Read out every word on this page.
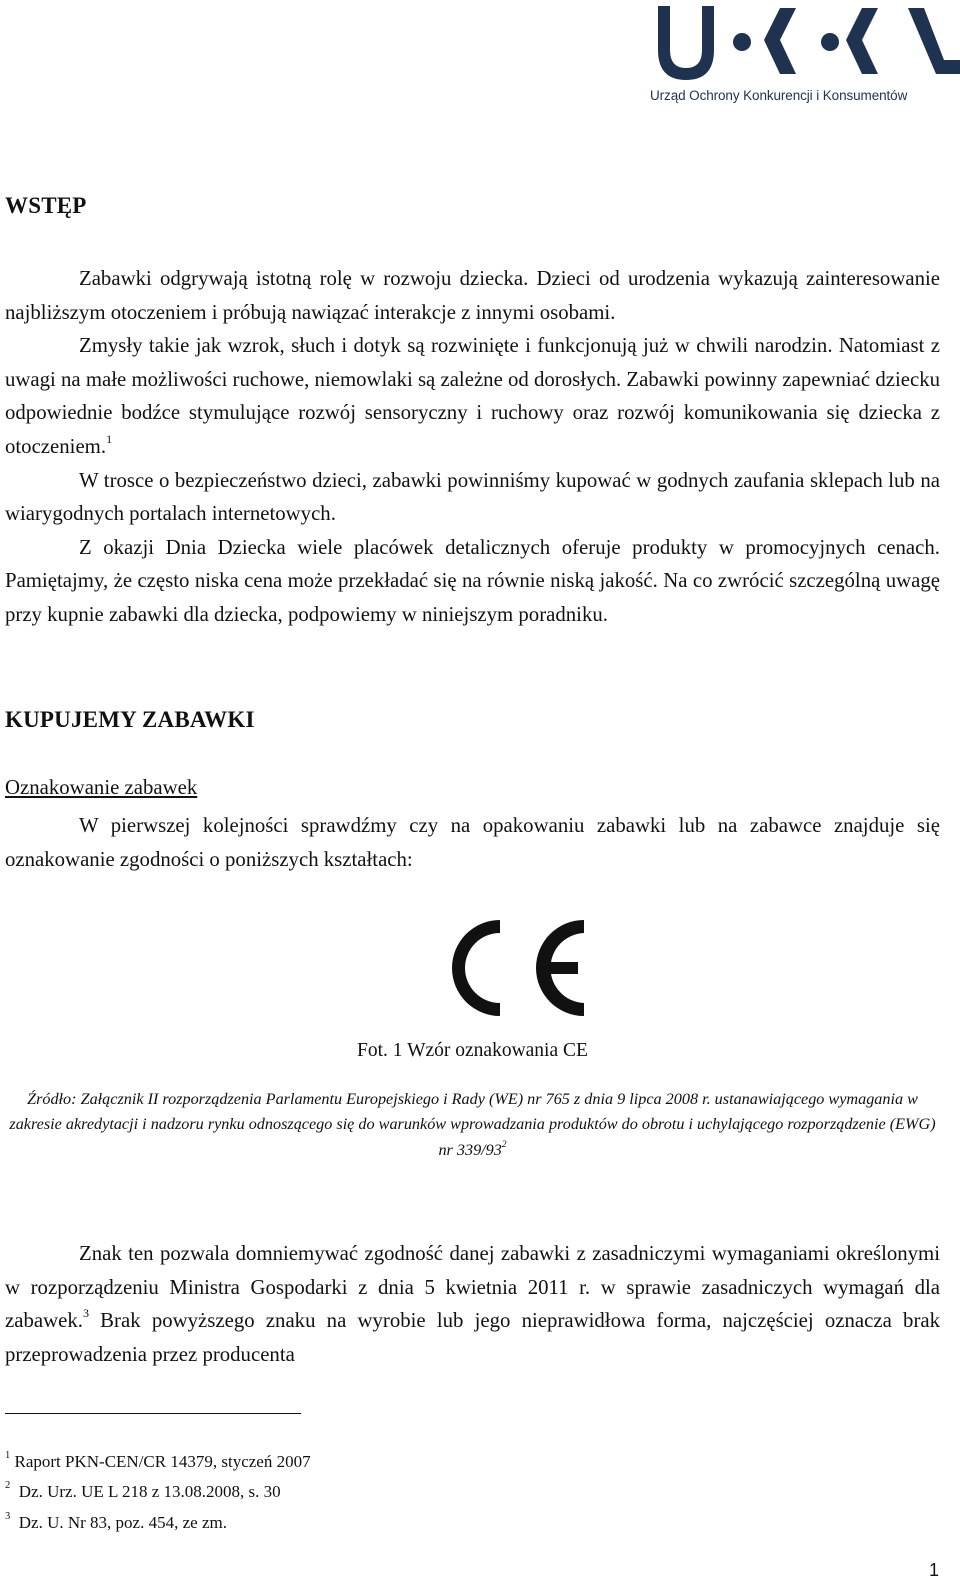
Urząd Ochrony Konkurencji i Konsumentów
WSTĘP

Zabawki odgrywają istotną rolę w rozwoju dziecka. Dzieci od urodzenia wykazują zainteresowanie najbliższym otoczeniem i próbują nawiązać interakcje z innymi osobami.

Zmysły takie jak wzrok, słuch i dotyk są rozwinięte i funkcjonują już w chwili narodzin. Natomiast z uwagi na małe możliwości ruchowe, niemowlaki są zależne od dorosłych. Zabawki powinny zapewniać dziecku odpowiednie bodźce stymulujące rozwój sensoryczny i ruchowy oraz rozwój komunikowania się dziecka z otoczeniem.$^1$

W trosce o bezpieczeństwo dzieci, zabawki powinniśmy kupować w godnych zaufania sklepach lub na wiarygodnych portalach internetowych.

Z okazji Dnia Dziecka wiele placówek detalicznych oferuje produkty w promocyjnych cenach. Pamiętajmy, że często niska cena może przekładać się na równie niską jakość. Na co zwrócić szczególną uwagę przy kupnie zabawki dla dziecka, podpowiemy w niniejszym poradniku.

KUPUJEMY ZABAWKI
Oznakowanie zabawek

W pierwszej kolejności sprawdźmy czy na opakowaniu zabawki lub na zabawce znajduje się oznakowanie zgodności o poniższych kształtach:

Fot. 1 Wzór oznakowania CE
Źródło: Załącznik II rozporządzenia Parlamentu Europejskiego i Rady (WE) nr 765 z dnia 9 lipca 2008 r. ustanawiającego wymagania w zakresie akredytacji i nadzoru rynku odnoszącego się do warunków wprowadzania produktów do obrotu i uchylającego rozporządzenie (EWG) nr $339/93^2$

Znak ten pozwala domniemywać zgodność danej zabawki z zasadniczymi wymaganiami określonymi w rozporządzeniu Ministra Gospodarki z dnia 5 kwietnia 2011 r. w sprawie zasadniczych wymagań dla zabawek.$^3$ Brak powyższego znaku na wyrobie lub jego nieprawidłowa forma, najczęściej oznacza brak przeprowadzenia przez producenta

$^1$ Raport PKN-CEN/CR 14379, styczeń 2007
$^2$ Dz. Urz. UE L 218 z 13.08.2008, s. 30
$^3$ Dz. U. Nr 83, poz. 454, ze zm.
1
